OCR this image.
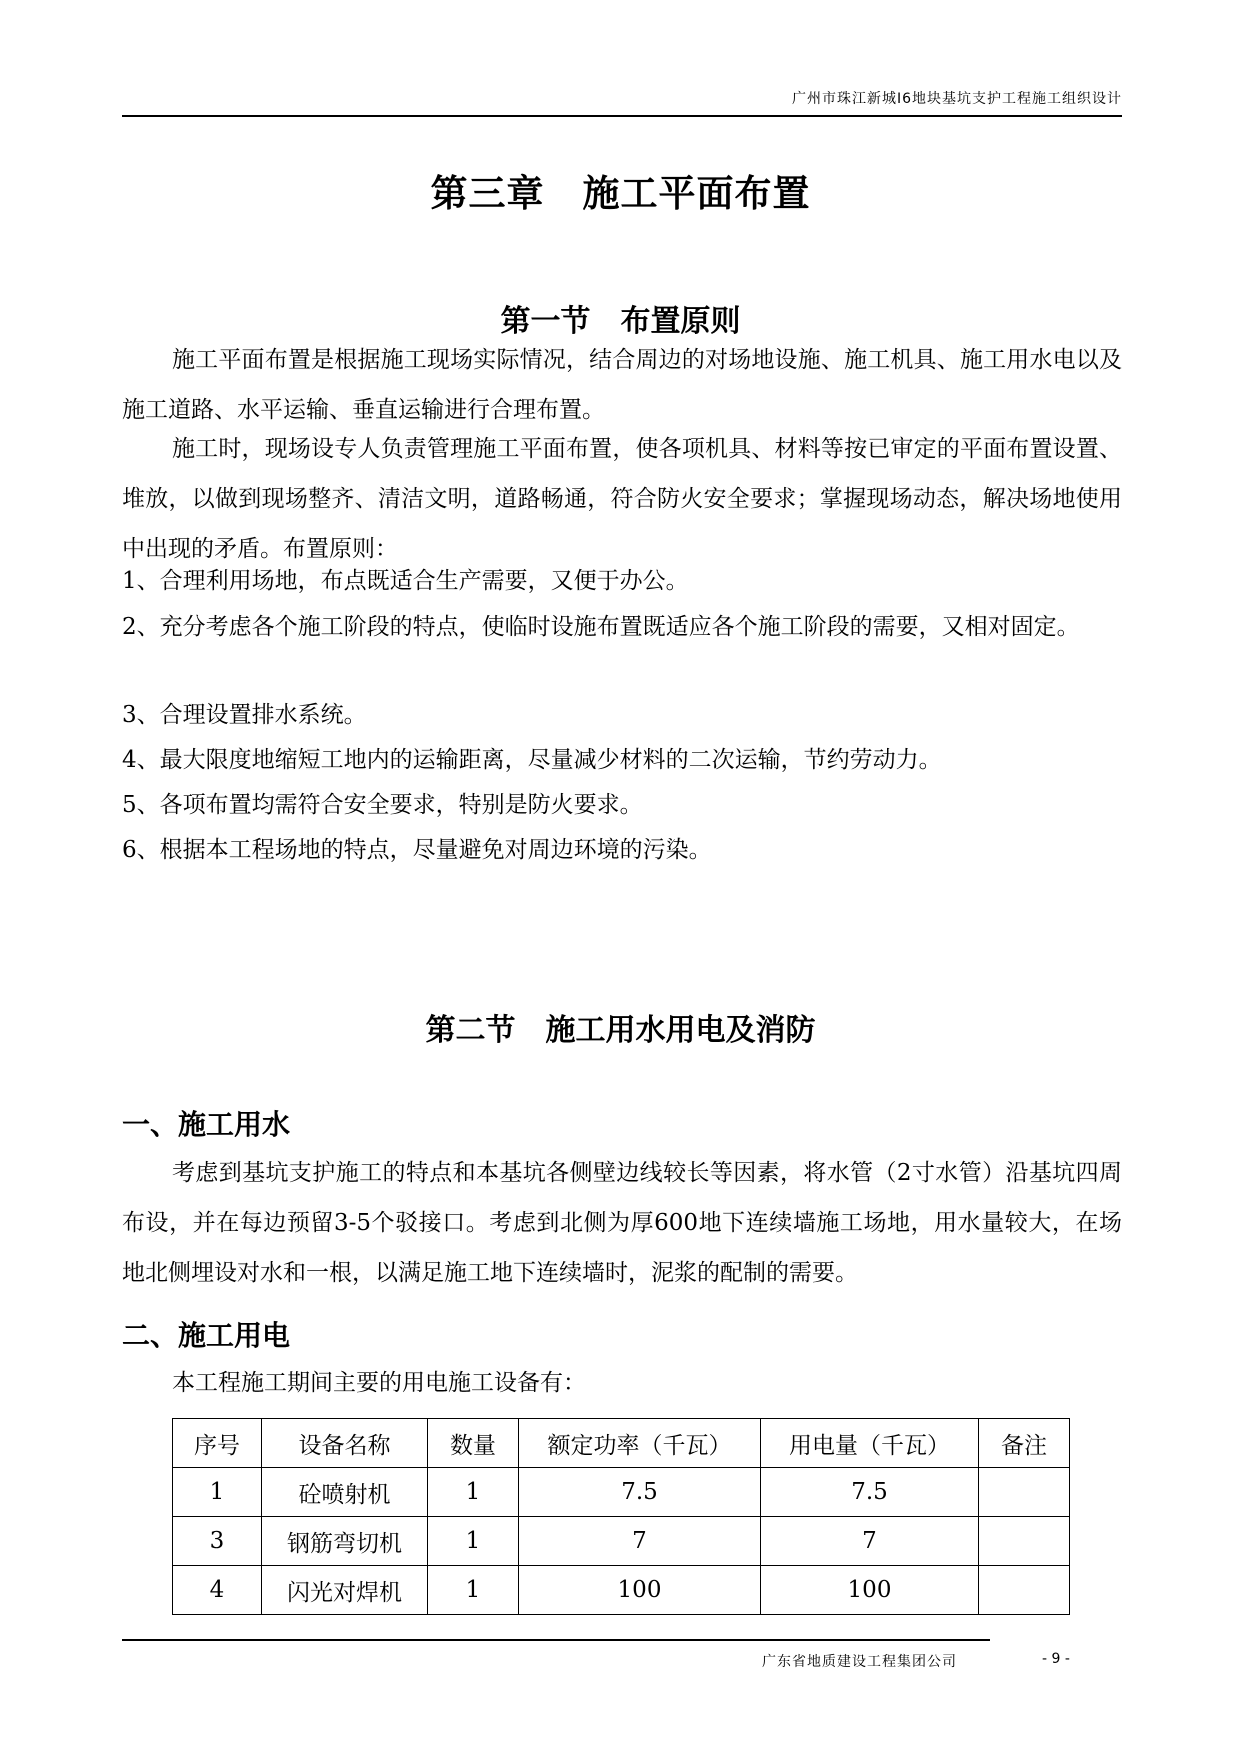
广州市珠江新城I6地块基坑支护工程施工组织设计
第三章　施工平面布置
第一节　布置原则

施工平面布置是根据施工现场实际情况，结合周边的对场地设施、施工机具、施工用水电以及施工道路、水平运输、垂直运输进行合理布置。

施工时，现场设专人负责管理施工平面布置，使各项机具、材料等按已审定的平面布置设置、堆放，以做到现场整齐、清洁文明，道路畅通，符合防火安全要求；掌握现场动态，解决场地使用中出现的矛盾。布置原则：

1、合理利用场地，布点既适合生产需要，又便于办公。

2、充分考虑各个施工阶段的特点，使临时设施布置既适应各个施工阶段的需要，又相对固定。

3、合理设置排水系统。

4、最大限度地缩短工地内的运输距离，尽量减少材料的二次运输，节约劳动力。

5、各项布置均需符合安全要求，特别是防火要求。

6、根据本工程场地的特点，尽量避免对周边环境的污染。

第二节　施工用水用电及消防
一、施工用水

考虑到基坑支护施工的特点和本基坑各侧壁边线较长等因素，将水管（2寸水管）沿基坑四周布设，并在每边预留3-5个驳接口。考虑到北侧为厚600地下连续墙施工场地，用水量较大，在场地北侧埋设对水和一根，以满足施工地下连续墙时，泥浆的配制的需要。

二、施工用电

本工程施工期间主要的用电施工设备有：

序号	设备名称	数量	额定功率（千瓦）	用电量（千瓦）	备注
1	砼喷射机	1	7.5	7.5	
3	钢筋弯切机	1	7	7	
4	闪光对焊机	1	100	100	
广东省地质建设工程集团公司	- 9 -
